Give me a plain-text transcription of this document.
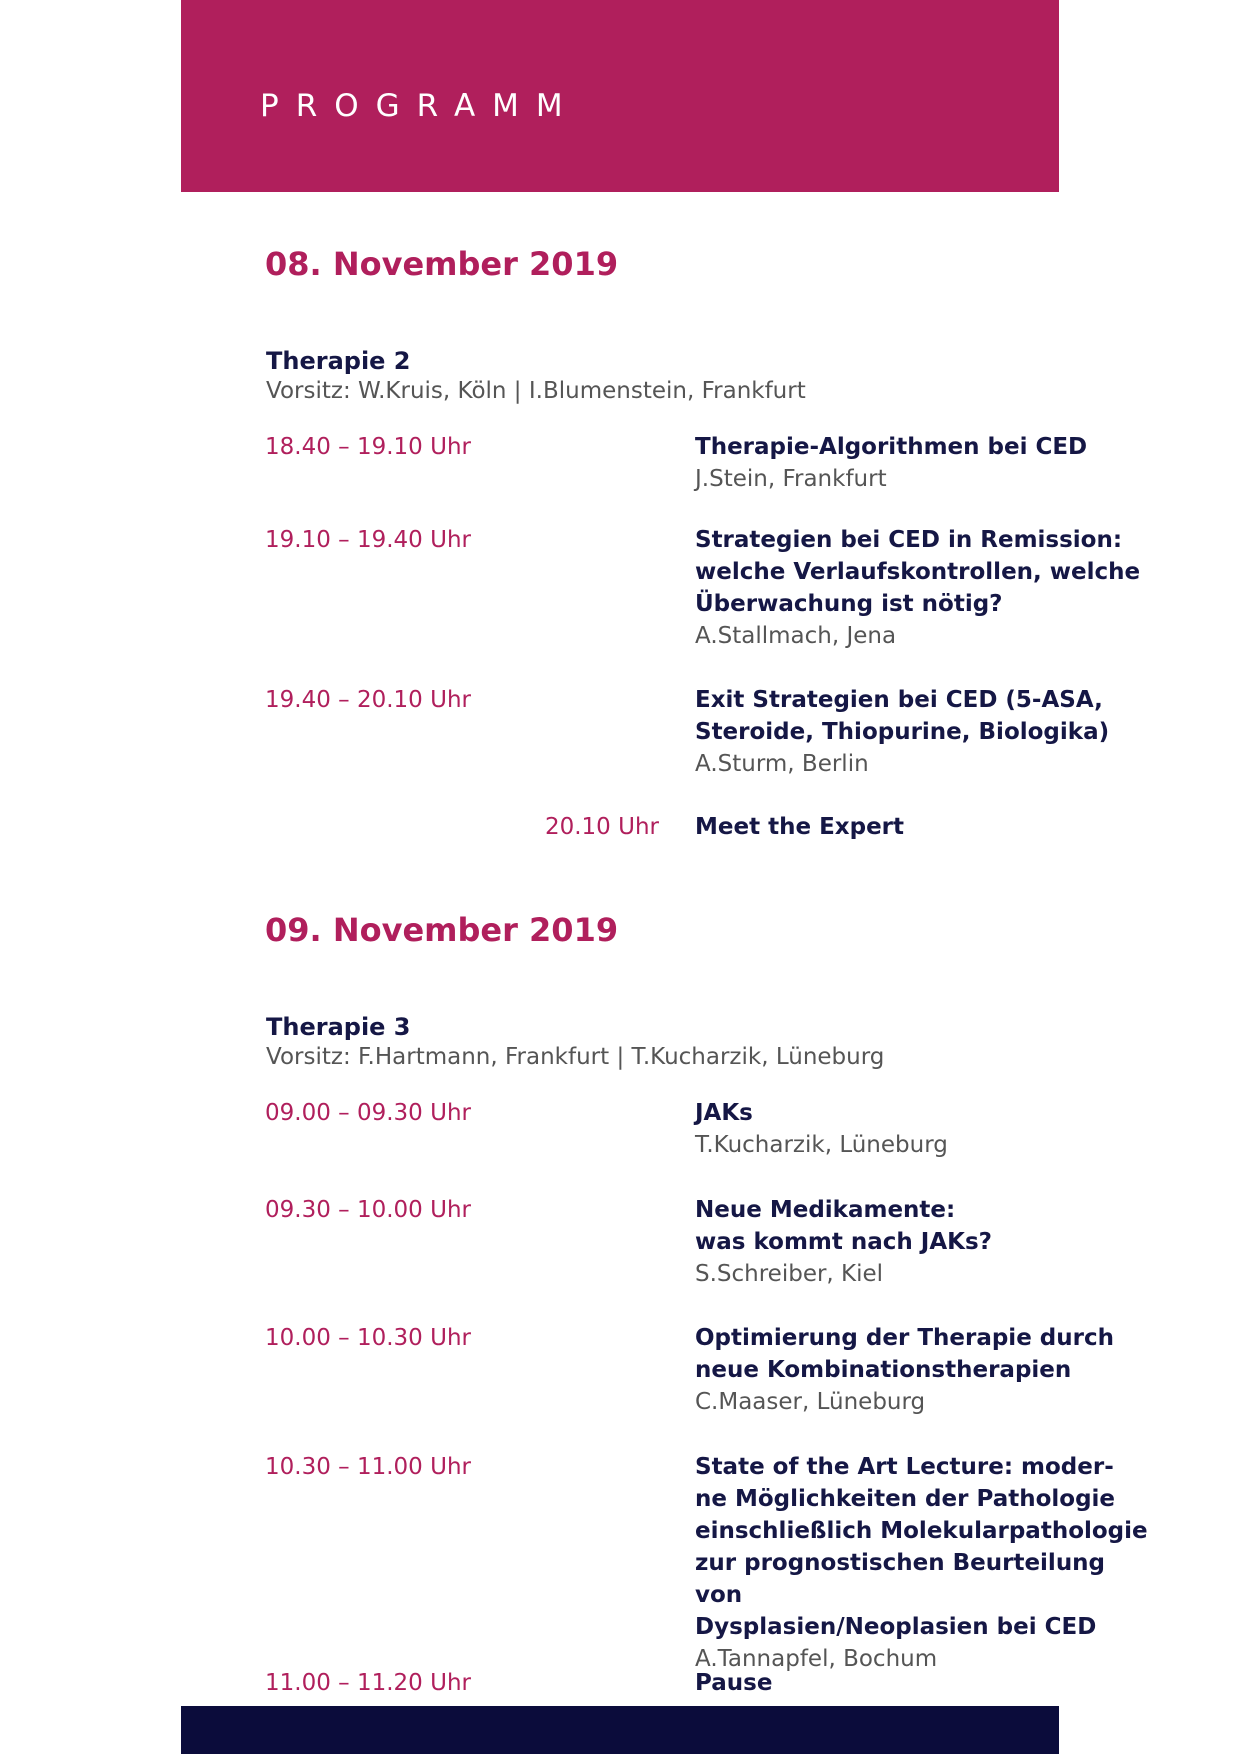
PROGRAMM
08. November 2019
Therapie 2
Vorsitz: W.Kruis, Köln | I.Blumenstein, Frankfurt
18.40 – 19.10 Uhr	Therapie-Algorithmen bei CED

J.Stein, Frankfurt

19.10 – 19.40 Uhr	Strategien bei CED in Remission:
welche Verlaufskontrollen, welche
Überwachung ist nötig?

A.Stallmach, Jena

19.40 – 20.10 Uhr	Exit Strategien bei CED (5-ASA,
Steroide, Thiopurine, Biologika)

A.Sturm, Berlin

20.10 Uhr Meet the Expert

09. November 2019
Therapie 3
Vorsitz: F.Hartmann, Frankfurt | T.Kucharzik, Lüneburg
09.00 – 09.30 Uhr	JAKs

T.Kucharzik, Lüneburg

09.30 – 10.00 Uhr	Neue Medikamente:
was kommt nach JAKs?

S.Schreiber, Kiel

10.00 – 10.30 Uhr	Optimierung der Therapie durch
neue Kombinationstherapien

C.Maaser, Lüneburg

10.30 – 11.00 Uhr	State of the Art Lecture: moder-
ne Möglichkeiten der Pathologie
einschließlich Molekularpathologie
zur prognostischen Beurteilung von
Dysplasien/Neoplasien bei CED

A.Tannapfel, Bochum

11.00 – 11.20 Uhr	Pause
